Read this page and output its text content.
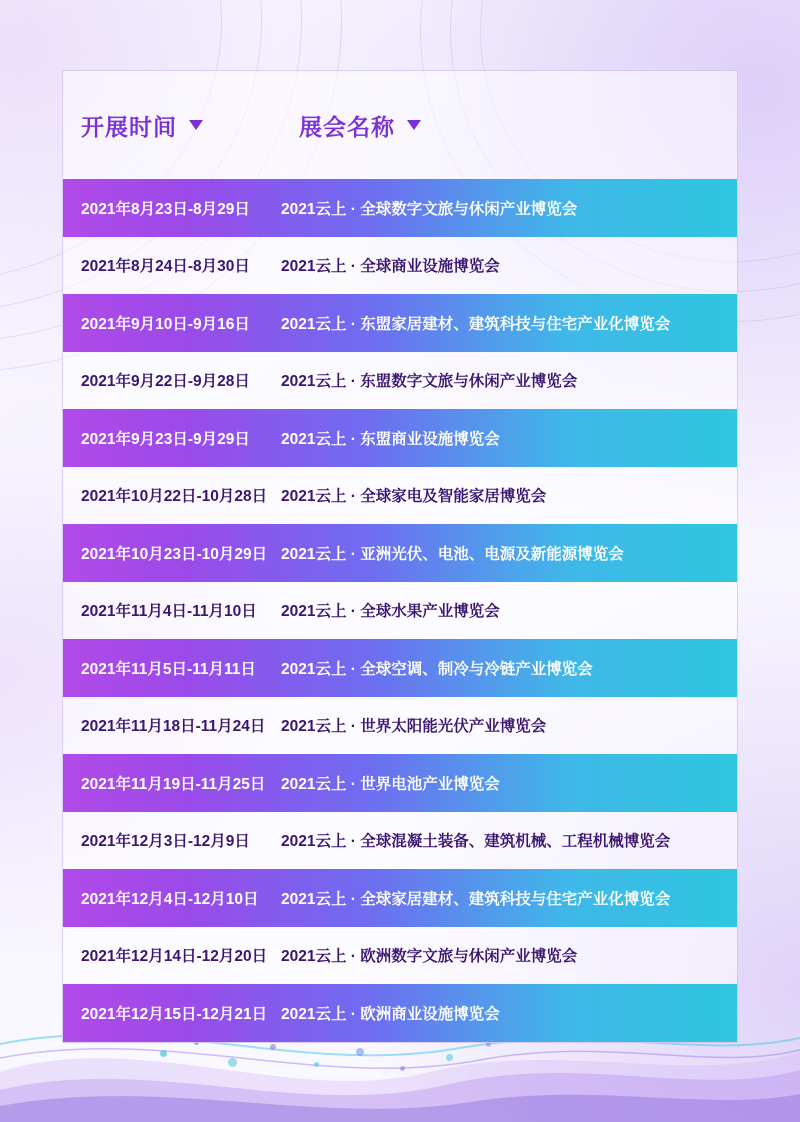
开展时间	展会名称
2021年8月23日-8月29日	2021云上 · 全球数字文旅与休闲产业博览会
2021年8月24日-8月30日	2021云上 · 全球商业设施博览会
2021年9月10日-9月16日	2021云上 · 东盟家居建材、建筑科技与住宅产业化博览会
2021年9月22日-9月28日	2021云上 · 东盟数字文旅与休闲产业博览会
2021年9月23日-9月29日	2021云上 · 东盟商业设施博览会
2021年10月22日-10月28日 2021云上 · 全球家电及智能家居博览会
2021年10月23日-10月29日 2021云上 · 亚洲光伏、电池、电源及新能源博览会
2021年11月4日-11月10日	2021云上 · 全球水果产业博览会
2021年11月5日-11月11日	2021云上 · 全球空调、制冷与冷链产业博览会
2021年11月18日-11月24日	2021云上 · 世界太阳能光伏产业博览会
2021年11月19日-11月25日	2021云上 · 世界电池产业博览会
2021年12月3日-12月9日	2021云上 · 全球混凝土装备、建筑机械、工程机械博览会
2021年12月4日-12月10日	2021云上 · 全球家居建材、建筑科技与住宅产业化博览会
2021年12月14日-12月20日 2021云上 · 欧洲数字文旅与休闲产业博览会
2021年12月15日-12月21日 2021云上 · 欧洲商业设施博览会
